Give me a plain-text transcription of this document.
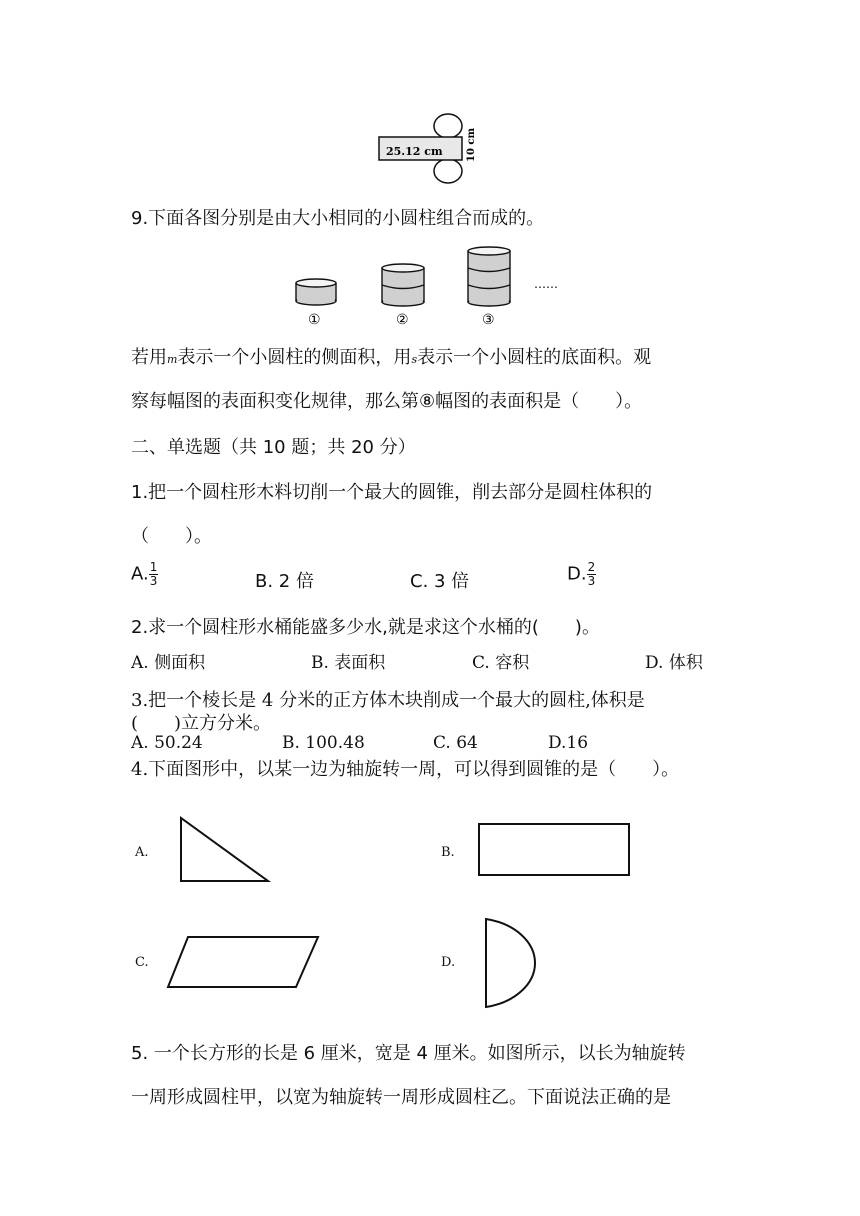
25.12 cm 10 cm
9.下面各图分别是由大小相同的小圆柱组合而成的。
……
①	②	③
若用m表示一个小圆柱的侧面积，用s表示一个小圆柱的底面积。观
察每幅图的表面积变化规律，那么第⑧幅图的表面积是（　　）。
二、单选题（共 10 题；共 20 分）
1.把一个圆柱形木料切削一个最大的圆锥，削去部分是圆柱体积的
（　　）。
A. $\frac{1}{3}$	B. 2 倍	C. 3 倍	D. $\frac{2}{3}$
2.求一个圆柱形水桶能盛多少水,就是求这个水桶的(　　)。
A. 侧面积	B. 表面积	C. 容积	D. 体积
3.把一个棱长是 4 分米的正方体木块削成一个最大的圆柱,体积是
(　　)立方分米。
A. 50.24	B. 100.48	C. 64	D.16
4.下面图形中，以某一边为轴旋转一周，可以得到圆锥的是（　　）。
A.	B.
C.	D.
5. 一个长方形的长是 6 厘米，宽是 4 厘米。如图所示，以长为轴旋转
一周形成圆柱甲，以宽为轴旋转一周形成圆柱乙。下面说法正确的是
